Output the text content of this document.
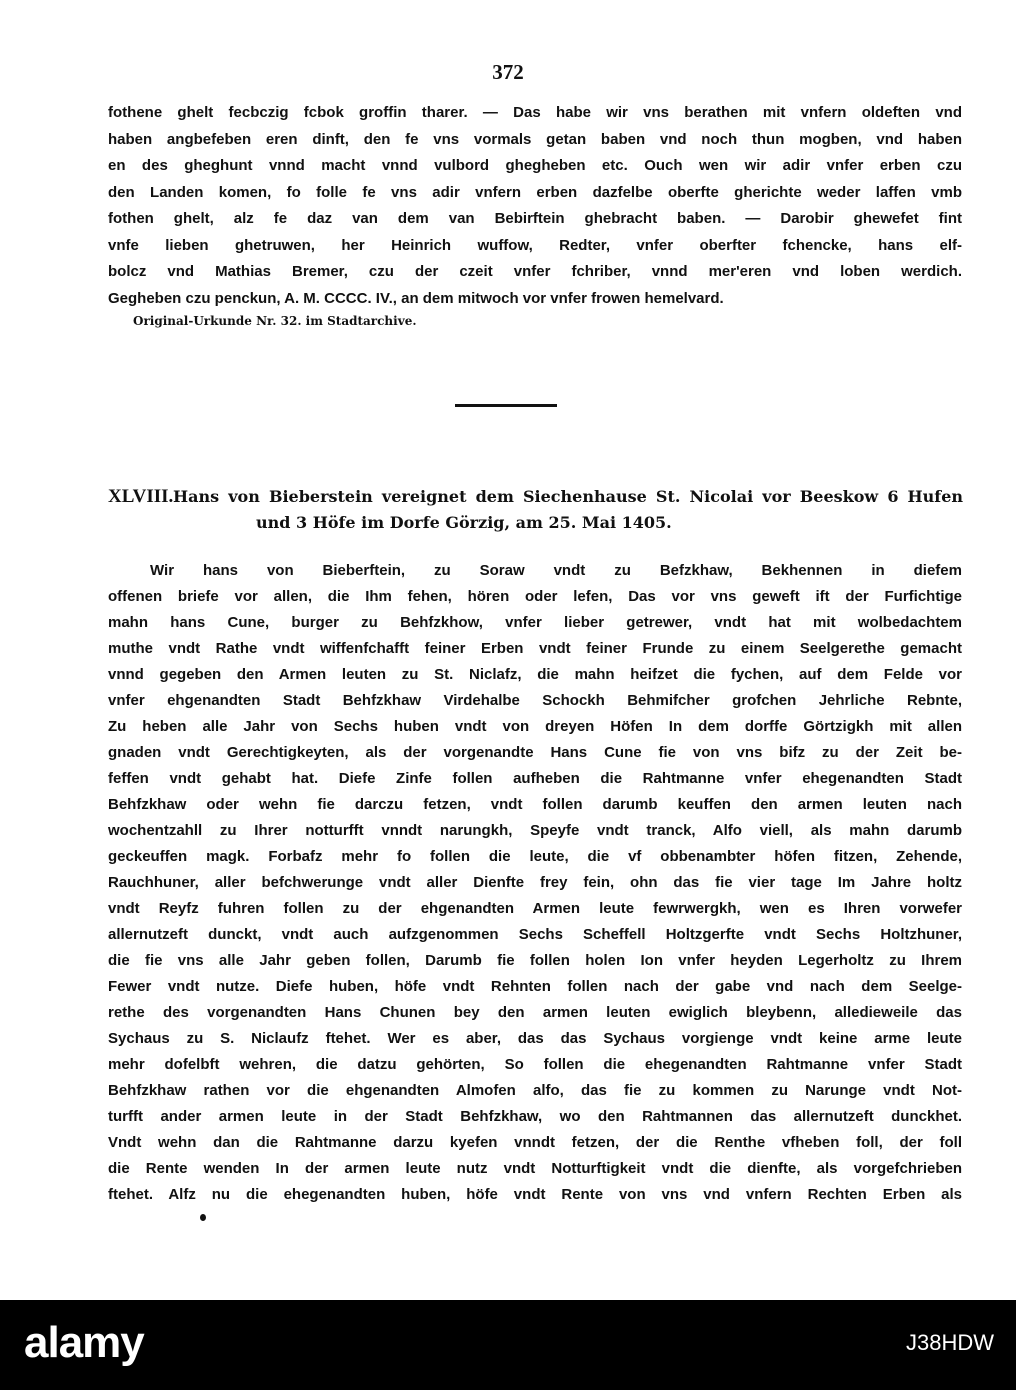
372
fothene ghelt fecbczig fcbok groffin tharer. — Das habe wir vns berathen mit vnfern oldeften vnd
haben angbefeben eren dinft, den fe vns vormals getan baben vnd noch thun mogben, vnd haben
en des gheghunt vnnd macht vnnd vulbord ghegheben etc. Ouch wen wir adir vnfer erben czu
den Landen komen, fo folle fe vns adir vnfern erben dazfelbe oberfte gherichte weder laffen vmb
fothen ghelt, alz fe daz van dem van Bebirftein ghebracht baben. — Darobir ghewefet fint
vnfe lieben ghetruwen, her Heinrich wuffow, Redter, vnfer oberfter fchencke, hans elf-
bolcz vnd Mathias Bremer, czu der czeit vnfer fchriber, vnnd mer'eren vnd loben werdich.
Gegheben czu penckun, A. M. CCCC. IV., an dem mitwoch vor vnfer frowen hemelvard.
Original-Urkunde Nr. 32. im Stadtarchive.
XLVIII. Hans von Bieberstein vereignet dem Siechenhause St. Nicolai vor Beeskow 6 Hufen
und 3 Höfe im Dorfe Görzig, am 25. Mai 1405.
Wir hans von Bieberftein, zu Soraw vndt zu Befzkhaw, Bekhennen in diefem
offenen briefe vor allen, die Ihm fehen, hören oder lefen, Das vor vns geweft ift der Furfichtige
mahn hans Cune, burger zu Behfzkhow, vnfer lieber getrewer, vndt hat mit wolbedachtem
muthe vndt Rathe vndt wiffenfchafft feiner Erben vndt feiner Frunde zu einem Seelgerethe gemacht
vnnd gegeben den Armen leuten zu St. Niclafz, die mahn heifzet die fychen, auf dem Felde vor
vnfer ehgenandten Stadt Behfzkhaw Virdehalbe Schockh Behmifcher grofchen Jehrliche Rebnte,
Zu heben alle Jahr von Sechs huben vndt von dreyen Höfen In dem dorffe Görtzigkh mit allen
gnaden vndt Gerechtigkeyten, als der vorgenandte Hans Cune fie von vns bifz zu der Zeit be-
feffen vndt gehabt hat. Diefe Zinfe follen aufheben die Rahtmanne vnfer ehegenandten Stadt
Behfzkhaw oder wehn fie darczu fetzen, vndt follen darumb keuffen den armen leuten nach
wochentzahll zu Ihrer notturfft vnndt narungkh, Speyfe vndt tranck, Alfo viell, als mahn darumb
geckeuffen magk. Forbafz mehr fo follen die leute, die vf obbenambter höfen fitzen, Zehende,
Rauchhuner, aller befchwerunge vndt aller Dienfte frey fein, ohn das fie vier tage Im Jahre holtz
vndt Reyfz fuhren follen zu der ehgenandten Armen leute fewrwergkh, wen es Ihren vorwefer
allernutzeft dunckt, vndt auch aufzgenommen Sechs Scheffell Holtzgerfte vndt Sechs Holtzhuner,
die fie vns alle Jahr geben follen, Darumb fie follen holen Ion vnfer heyden Legerholtz zu Ihrem
Fewer vndt nutze. Diefe huben, höfe vndt Rehnten follen nach der gabe vnd nach dem Seelge-
rethe des vorgenandten Hans Chunen bey den armen leuten ewiglich bleybenn, alledieweile das
Sychaus zu S. Niclaufz ftehet. Wer es aber, das das Sychaus vorgienge vndt keine arme leute
mehr dofelbft wehren, die datzu gehörten, So follen die ehegenandten Rahtmanne vnfer Stadt
Behfzkhaw rathen vor die ehgenandten Almofen alfo, das fie zu kommen zu Narunge vndt Not-
turfft ander armen leute in der Stadt Behfzkhaw, wo den Rahtmannen das allernutzeft dunckhet.
Vndt wehn dan die Rahtmanne darzu kyefen vnndt fetzen, der die Renthe vfheben foll, der foll
die Rente wenden In der armen leute nutz vndt Notturftigkeit vndt die dienfte, als vorgefchrieben
ftehet. Alfz nu die ehegenandten huben, höfe vndt Rente von vns vnd vnfern Rechten Erben als
alamy	J38HDW
